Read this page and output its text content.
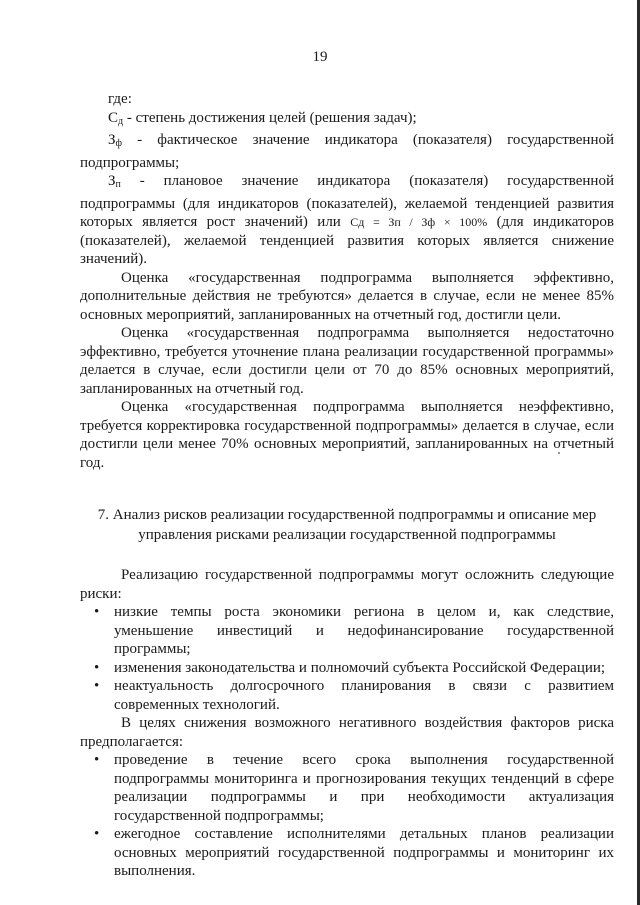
19

где:

$С_д$ - степень достижения целей (решения задач);

$З_ф$ - фактическое значение индикатора (показателя) государственной подпрограммы;

$З_п$ - плановое значение индикатора (показателя) государственной подпрограммы (для индикаторов (показателей), желаемой тенденцией развития которых является рост значений) или Сд = Зп / Зф × 100% (для индикаторов (показателей), желаемой тенденцией развития которых является снижение значений).

Оценка «государственная подпрограмма выполняется эффективно, дополнительные действия не требуются» делается в случае, если не менее 85% основных мероприятий, запланированных на отчетный год, достигли цели.

Оценка «государственная подпрограмма выполняется недостаточно эффективно, требуется уточнение плана реализации государственной программы» делается в случае, если достигли цели от 70 до 85% основных мероприятий, запланированных на отчетный год.

Оценка «государственная подпрограмма выполняется неэффективно, требуется корректировка государственной подпрограммы» делается в случае, если достигли цели менее 70% основных мероприятий, запланированных на отчетный год.

7. Анализ рисков реализации государственной подпрограммы и описание мер управления рисками реализации государственной подпрограммы

Реализацию государственной подпрограммы могут осложнить следующие риски:

• низкие темпы роста экономики региона в целом и, как следствие, уменьшение инвестиций и недофинансирование государственной программы;
• изменения законодательства и полномочий субъекта Российской Федерации;
• неактуальность долгосрочного планирования в связи с развитием современных технологий.

В целях снижения возможного негативного воздействия факторов риска предполагается:

• проведение в течение всего срока выполнения государственной подпрограммы мониторинга и прогнозирования текущих тенденций в сфере реализации подпрограммы и при необходимости актуализация государственной подпрограммы;
• ежегодное составление исполнителями детальных планов реализации основных мероприятий государственной подпрограммы и мониторинг их выполнения.
